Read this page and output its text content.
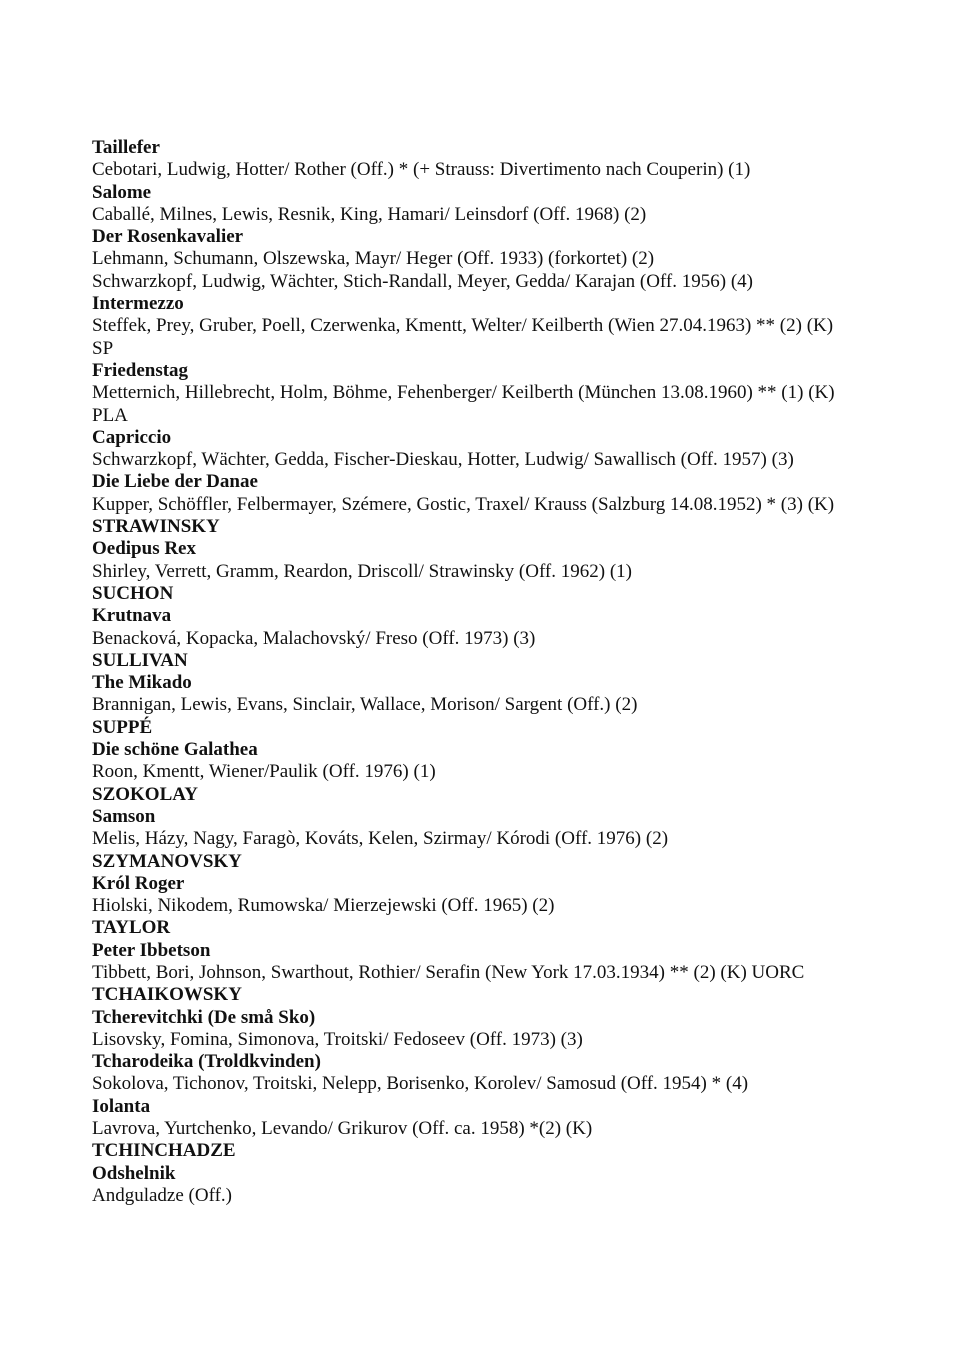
Taillefer
Cebotari, Ludwig, Hotter/ Rother (Off.) * (+ Strauss: Divertimento nach Couperin) (1)
Salome
Caballé, Milnes, Lewis, Resnik, King, Hamari/ Leinsdorf (Off. 1968) (2)
Der Rosenkavalier
Lehmann, Schumann, Olszewska, Mayr/ Heger (Off. 1933) (forkortet) (2)
Schwarzkopf, Ludwig, Wächter, Stich-Randall, Meyer, Gedda/ Karajan (Off. 1956) (4)
Intermezzo
Steffek, Prey, Gruber, Poell, Czerwenka, Kmentt, Welter/ Keilberth (Wien 27.04.1963) ** (2) (K)
SP
Friedenstag
Metternich, Hillebrecht, Holm, Böhme, Fehenberger/ Keilberth (München 13.08.1960) ** (1) (K)
PLA
Capriccio
Schwarzkopf, Wächter, Gedda, Fischer-Dieskau, Hotter, Ludwig/ Sawallisch (Off. 1957) (3)
Die Liebe der Danae
Kupper, Schöffler, Felbermayer, Szémere, Gostic, Traxel/ Krauss (Salzburg 14.08.1952) * (3) (K)
STRAWINSKY
Oedipus Rex
Shirley, Verrett, Gramm, Reardon, Driscoll/ Strawinsky (Off. 1962) (1)
SUCHON
Krutnava
Benacková, Kopacka, Malachovský/ Freso (Off. 1973) (3)
SULLIVAN
The Mikado
Brannigan, Lewis, Evans, Sinclair, Wallace, Morison/ Sargent (Off.) (2)
SUPPÉ
Die schöne Galathea
Roon, Kmentt, Wiener/Paulik (Off. 1976) (1)
SZOKOLAY
Samson
Melis, Házy, Nagy, Faragò, Kováts, Kelen, Szirmay/ Kórodi (Off. 1976) (2)
SZYMANOVSKY
Król Roger
Hiolski, Nikodem, Rumowska/ Mierzejewski (Off. 1965) (2)
TAYLOR
Peter Ibbetson
Tibbett, Bori, Johnson, Swarthout, Rothier/ Serafin (New York 17.03.1934) ** (2) (K) UORC
TCHAIKOWSKY
Tcherevitchki (De små Sko)
Lisovsky, Fomina, Simonova, Troitski/ Fedoseev (Off. 1973) (3)
Tcharodeika (Troldkvinden)
Sokolova, Tichonov, Troitski, Nelepp, Borisenko, Korolev/ Samosud (Off. 1954) * (4)
Iolanta
Lavrova, Yurtchenko, Levando/ Grikurov (Off. ca. 1958) *(2) (K)
TCHINCHADZE
Odshelnik
Andguladze (Off.)
